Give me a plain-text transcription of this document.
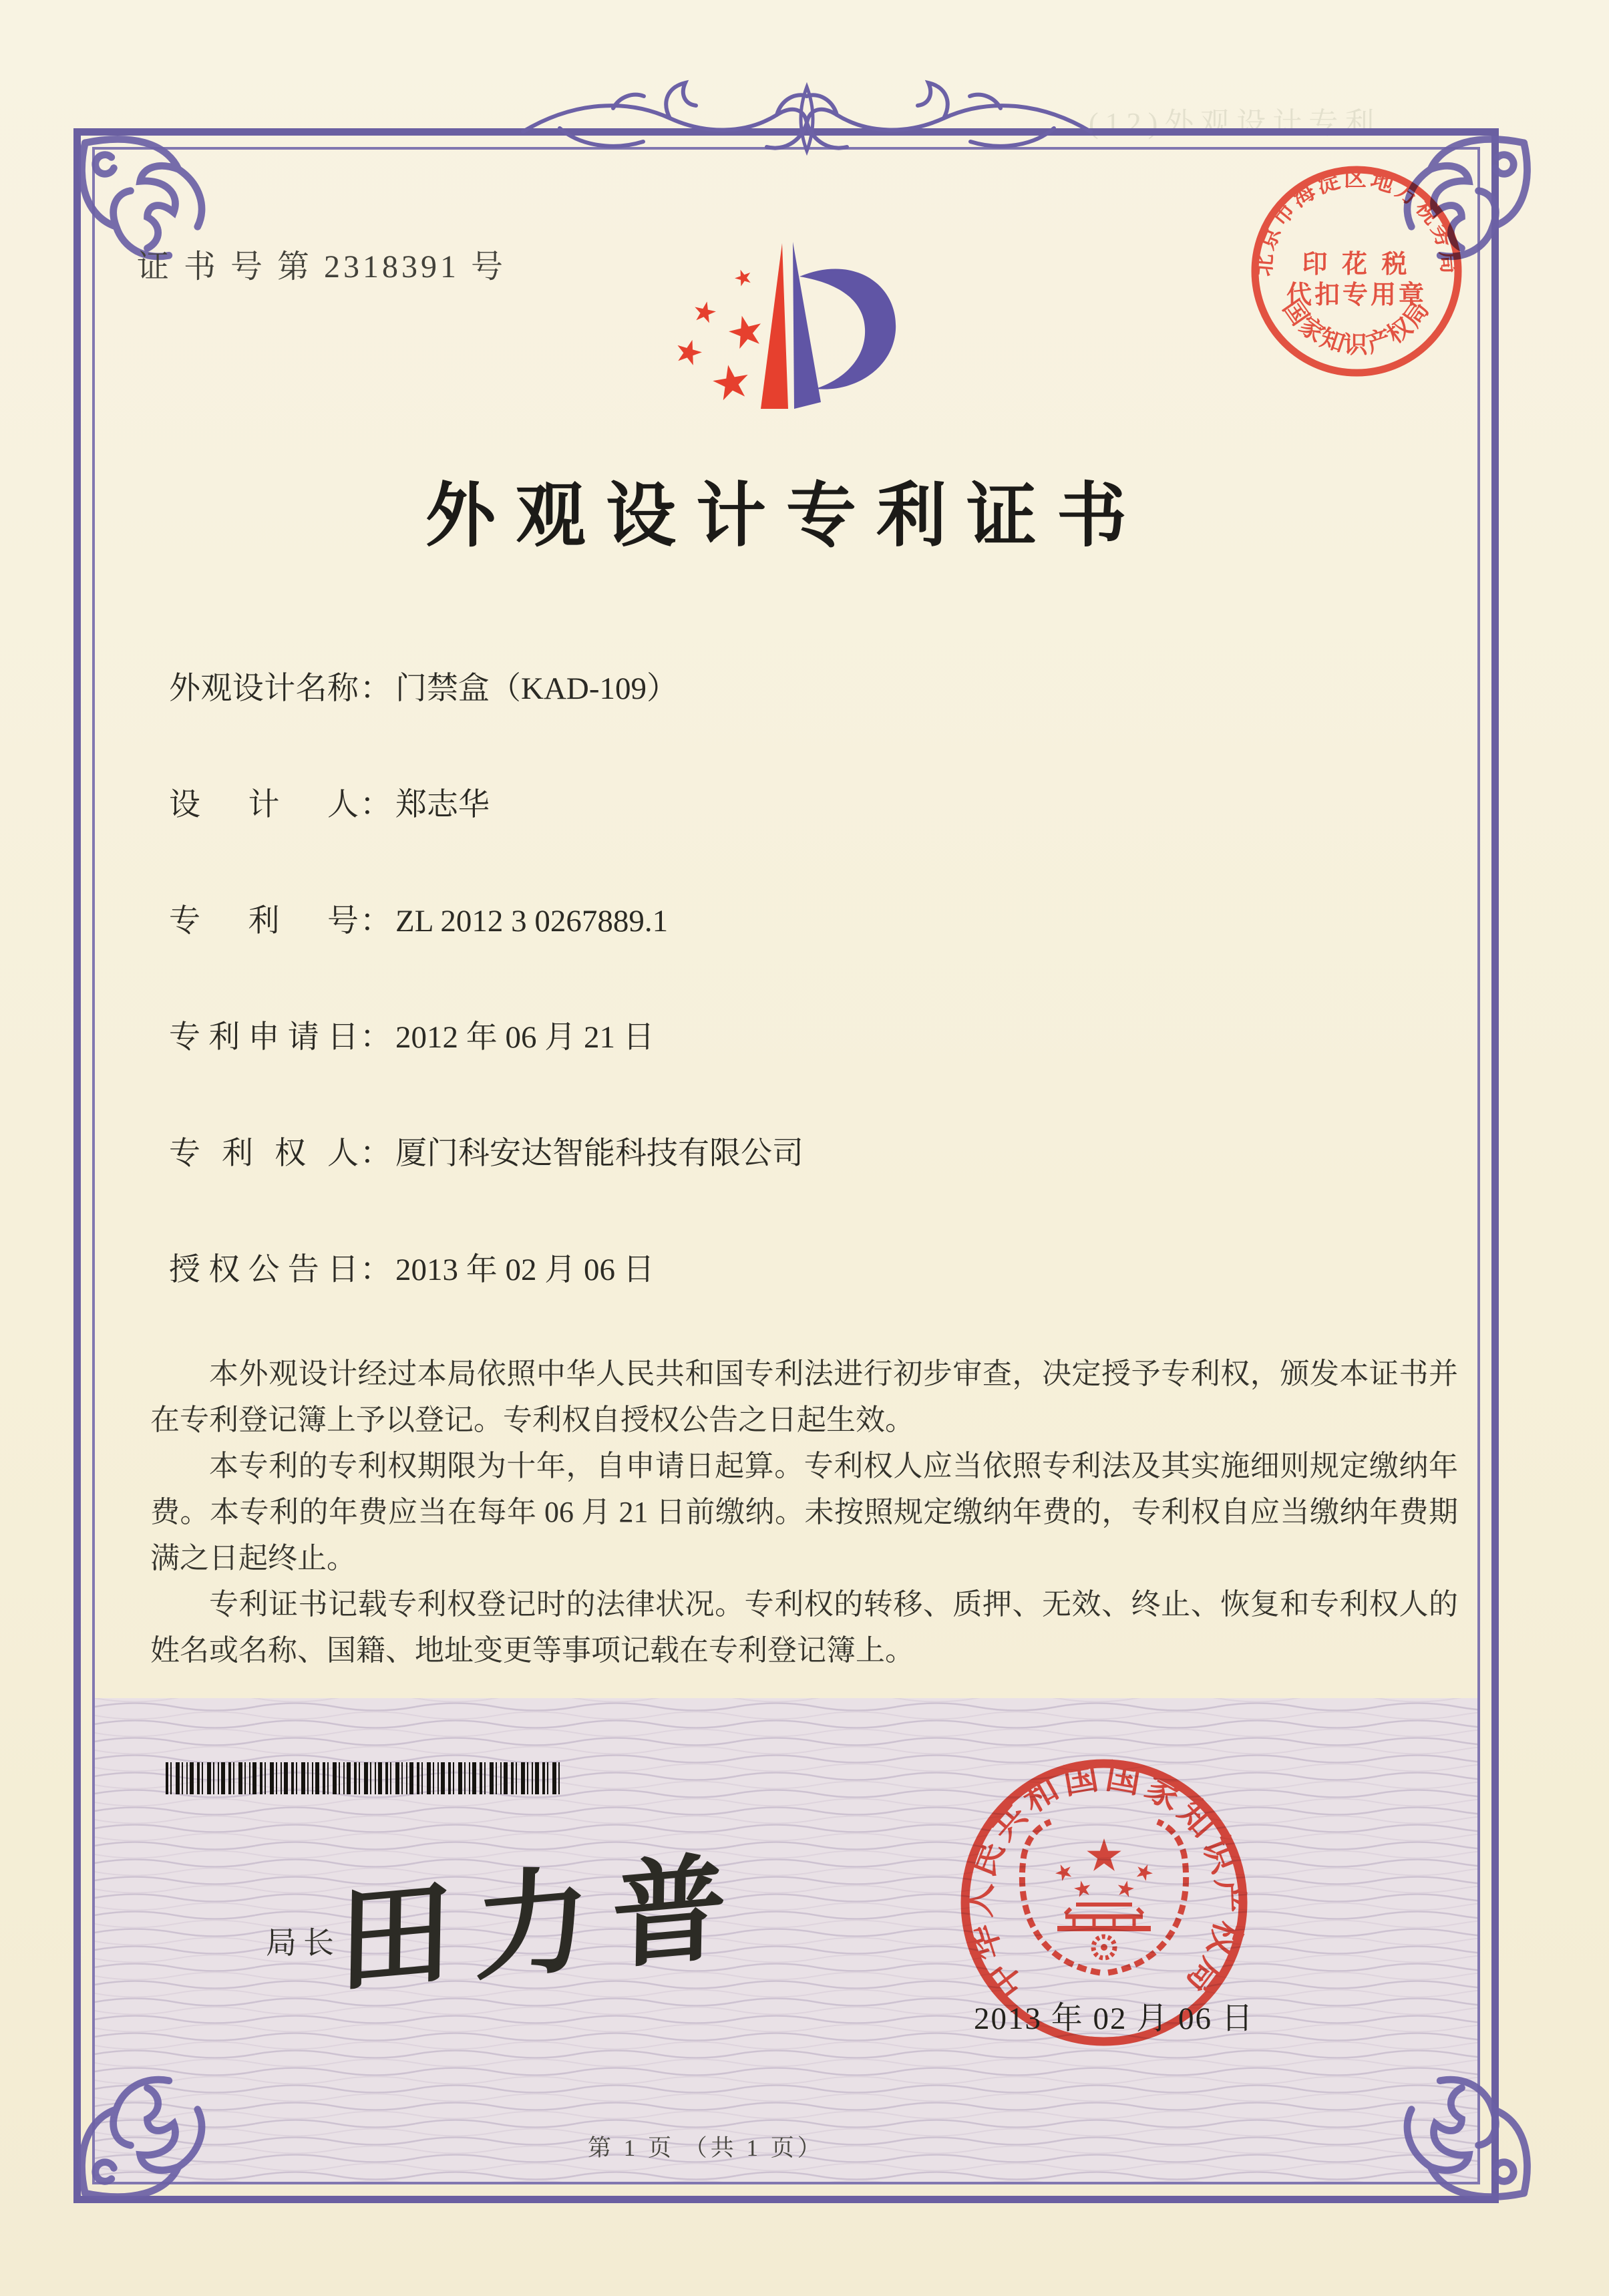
(12)外观设计专利
证 书 号 第 2318391 号	北京市海淀区地方税务局
印 花 税
代扣专用章
国家知识产权局
外观设计专利证书
外观设计名称： 门禁盒（KAD-109）
设 计 人： 郑志华
专 利 号： ZL 2012 3 0267889.1
专利申请日： 2012 年 06 月 21 日
专 利 权 人： 厦门科安达智能科技有限公司
授权公告日： 2013 年 02 月 06 日

本外观设计经过本局依照中华人民共和国专利法进行初步审查，决定授予专利权，颁发本证书并在专利登记簿上予以登记。专利权自授权公告之日起生效。

本专利的专利权期限为十年，自申请日起算。专利权人应当依照专利法及其实施细则规定缴纳年费。本专利的年费应当在每年 06 月 21 日前缴纳。未按照规定缴纳年费的，专利权自应当缴纳年费期满之日起终止。

专利证书记载专利权登记时的法律状况。专利权的转移、质押、无效、终止、恢复和专利权人的姓名或名称、国籍、地址变更等事项记载在专利登记簿上。

局长
田力普	中华人民共和国国家知识产权局
2013 年 02 月 06 日
第 1 页 （共 1 页）
